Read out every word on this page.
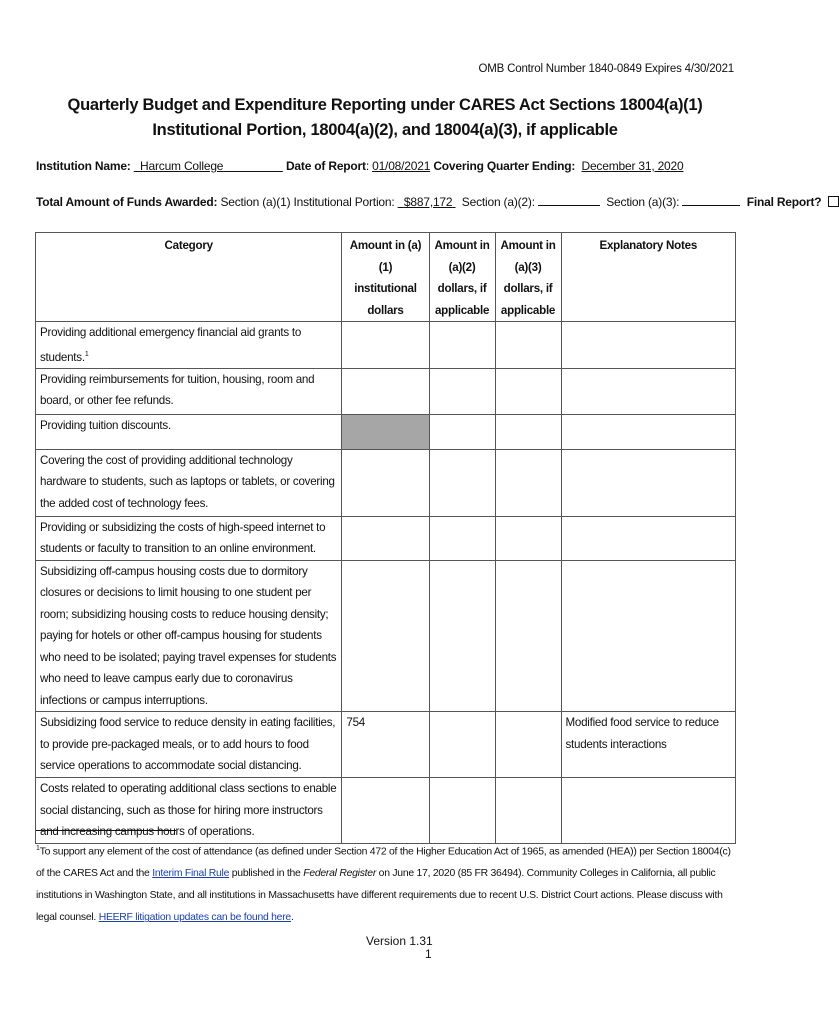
OMB Control Number 1840-0849 Expires 4/30/2021
Quarterly Budget and Expenditure Reporting under CARES Act Sections 18004(a)(1) Institutional Portion, 18004(a)(2), and 18004(a)(3), if applicable
Institution Name: Harcum College	Date of Report: 01/08/2021 Covering Quarter Ending: December 31, 2020
Total Amount of Funds Awarded: Section (a)(1) Institutional Portion: $887,172 Section (a)(2):	Section (a)(3):	Final Report?
Category	Amount in (a)(1) institutional dollars	Amount in (a)(2) dollars, if applicable	Amount in (a)(3) dollars, if applicable	Explanatory Notes
Providing additional emergency financial aid grants to students.$^1$				
Providing reimbursements for tuition, housing, room and board, or other fee refunds.				
Providing tuition discounts.				
Covering the cost of providing additional technology hardware to students, such as laptops or tablets, or covering the added cost of technology fees.				
Providing or subsidizing the costs of high-speed internet to students or faculty to transition to an online environment.				
Subsidizing off-campus housing costs due to dormitory closures or decisions to limit housing to one student per room; subsidizing housing costs to reduce housing density; paying for hotels or other off-campus housing for students who need to be isolated; paying travel expenses for students who need to leave campus early due to coronavirus infections or campus interruptions.				
Subsidizing food service to reduce density in eating facilities, to provide pre-packaged meals, or to add hours to food service operations to accommodate social distancing.	754			Modified food service to reduce students interactions
Costs related to operating additional class sections to enable social distancing, such as those for hiring more instructors and increasing campus hours of operations.				
$^1$To support any element of the cost of attendance (as defined under Section 472 of the Higher Education Act of 1965, as amended (HEA)) per Section 18004(c) of the CARES Act and the Interim Final Rule published in the Federal Register on June 17, 2020 (85 FR 36494). Community Colleges in California, all public institutions in Washington State, and all institutions in Massachusetts have different requirements due to recent U.S. District Court actions. Please discuss with legal counsel. HEERF litigation updates can be found here.
Version 1.31
1
